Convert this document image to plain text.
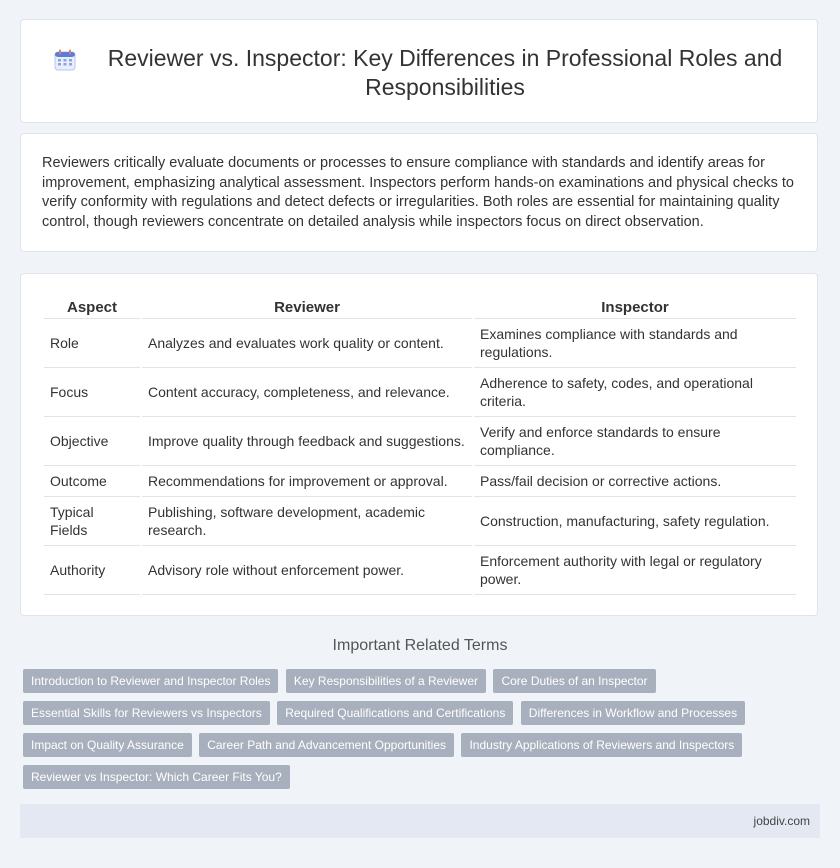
Reviewer vs. Inspector: Key Differences in Professional Roles and Responsibilities

Reviewers critically evaluate documents or processes to ensure compliance with standards and identify areas for improvement, emphasizing analytical assessment. Inspectors perform hands-on examinations and physical checks to verify conformity with regulations and detect defects or irregularities. Both roles are essential for maintaining quality control, though reviewers concentrate on detailed analysis while inspectors focus on direct observation.

Aspect	Reviewer	Inspector
Role	Analyzes and evaluates work quality or content.	Examines compliance with standards and regulations.
Focus	Content accuracy, completeness, and relevance.	Adherence to safety, codes, and operational criteria.
Objective	Improve quality through feedback and suggestions.	Verify and enforce standards to ensure compliance.
Outcome	Recommendations for improvement or approval.	Pass/fail decision or corrective actions.
Typical Fields	Publishing, software development, academic research.	Construction, manufacturing, safety regulation.
Authority	Advisory role without enforcement power.	Enforcement authority with legal or regulatory power.
Important Related Terms
Introduction to Reviewer and Inspector Roles Key Responsibilities of a Reviewer Core Duties of an Inspector Essential Skills for Reviewers vs Inspectors Required Qualifications and Certifications Differences in Workflow and Processes Impact on Quality Assurance Career Path and Advancement Opportunities Industry Applications of Reviewers and Inspectors Reviewer vs Inspector: Which Career Fits You?
jobdiv.com
